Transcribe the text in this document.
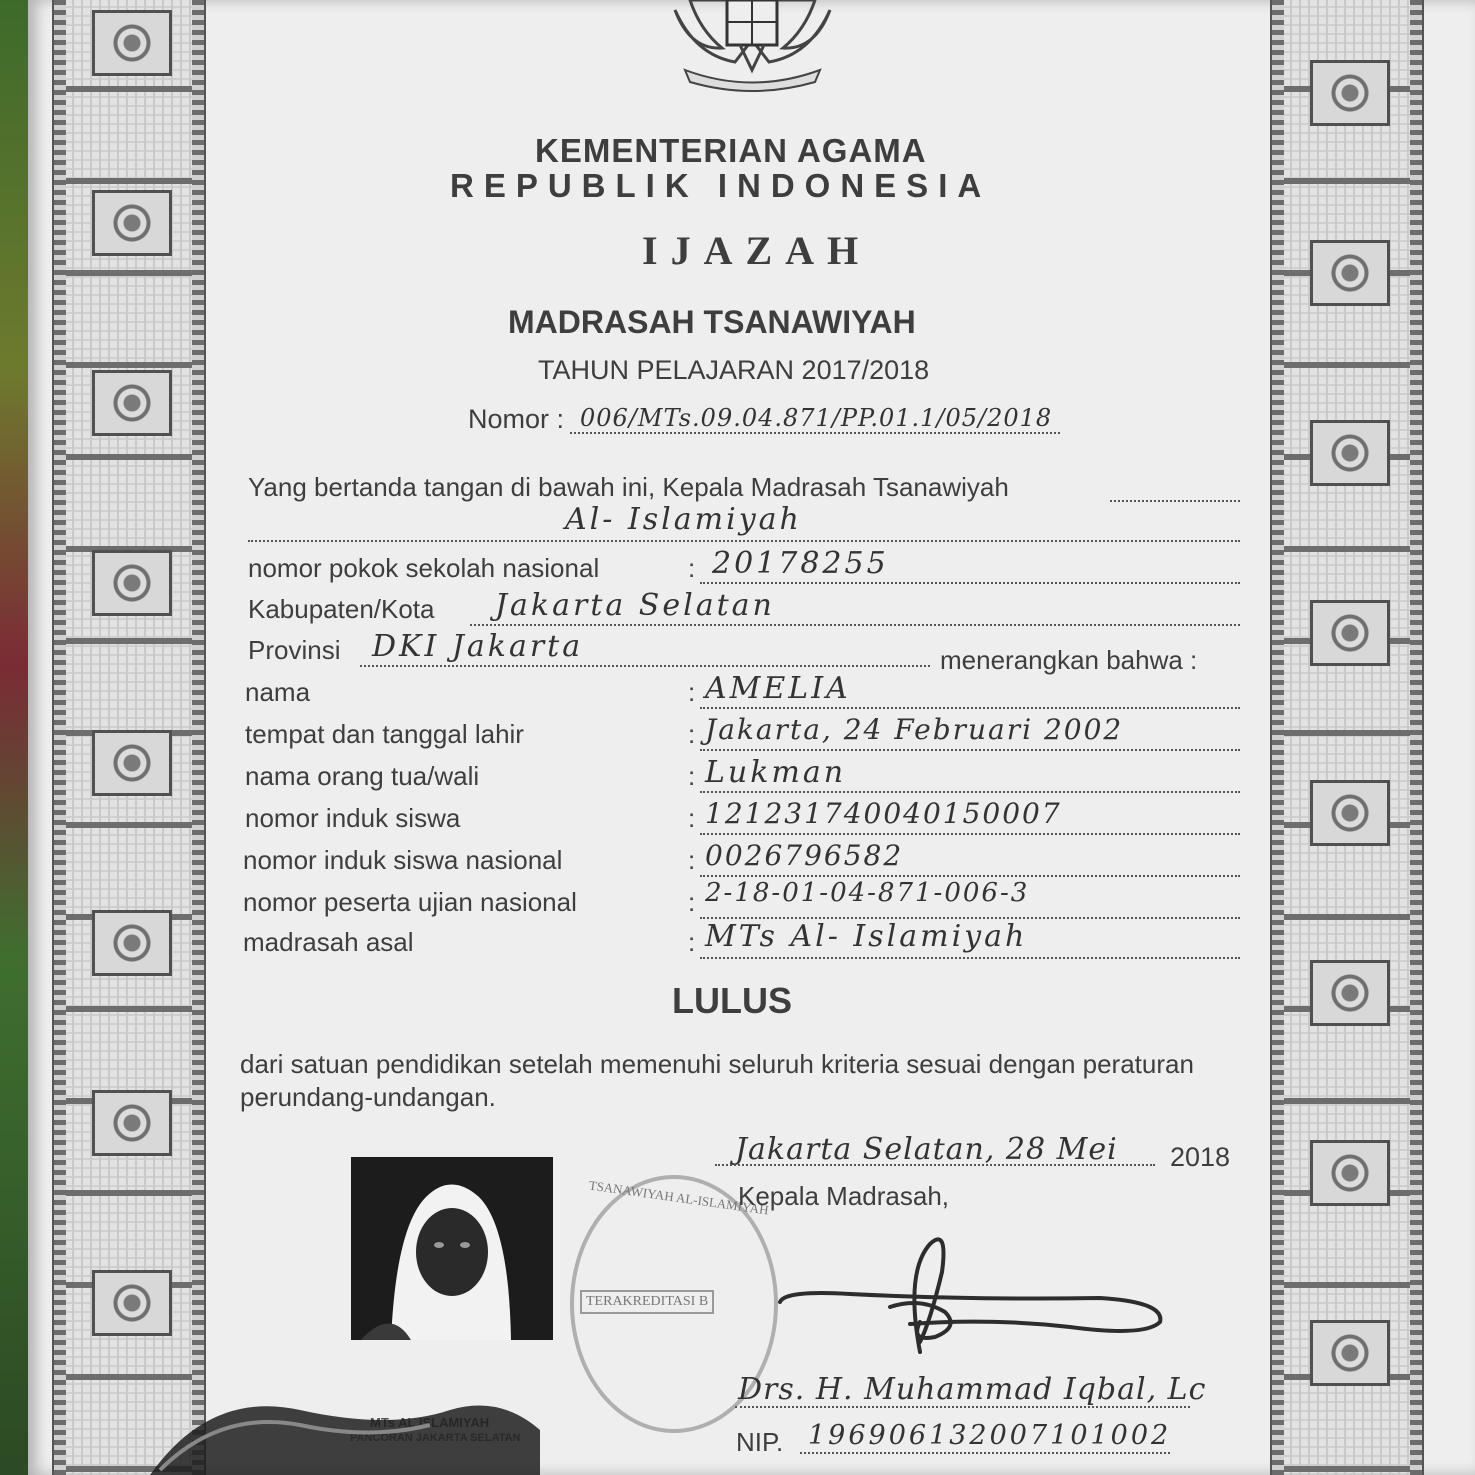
KEMENTERIAN AGAMA
REPUBLIK INDONESIA
IJAZAH
MADRASAH TSANAWIYAH
TAHUN PELAJARAN 2017/2018
Nomor : 006/MTs.09.04.871/PP.01.1/05/2018
Yang bertanda tangan di bawah ini, Kepala Madrasah Tsanawiyah
Al- Islamiyah
nomor pokok sekolah nasional	: 20178255
Kabupaten/Kota Jakarta Selatan
Provinsi DKI Jakarta	menerangkan bahwa :
nama	: AMELIA
tempat dan tanggal lahir	: Jakarta, 24 Februari 2002
nama orang tua/wali	: Lukman
nomor induk siswa	: 121231740040150007
nomor induk siswa nasional	: 0026796582
nomor peserta ujian nasional	: 2-18-01-04-871-006-3
madrasah asal	: MTs Al- Islamiyah
LULUS
dari satuan pendidikan setelah memenuhi seluruh kriteria sesuai dengan peraturan
perundang-undangan.
TSANAWIYAH AL-ISLAMIYAH
TERAKREDITASI B
Jakarta Selatan, 28 Mei 2018
Kepala Madrasah,
Drs. H. Muhammad Iqbal, Lc
NIP. 196906132007101002
